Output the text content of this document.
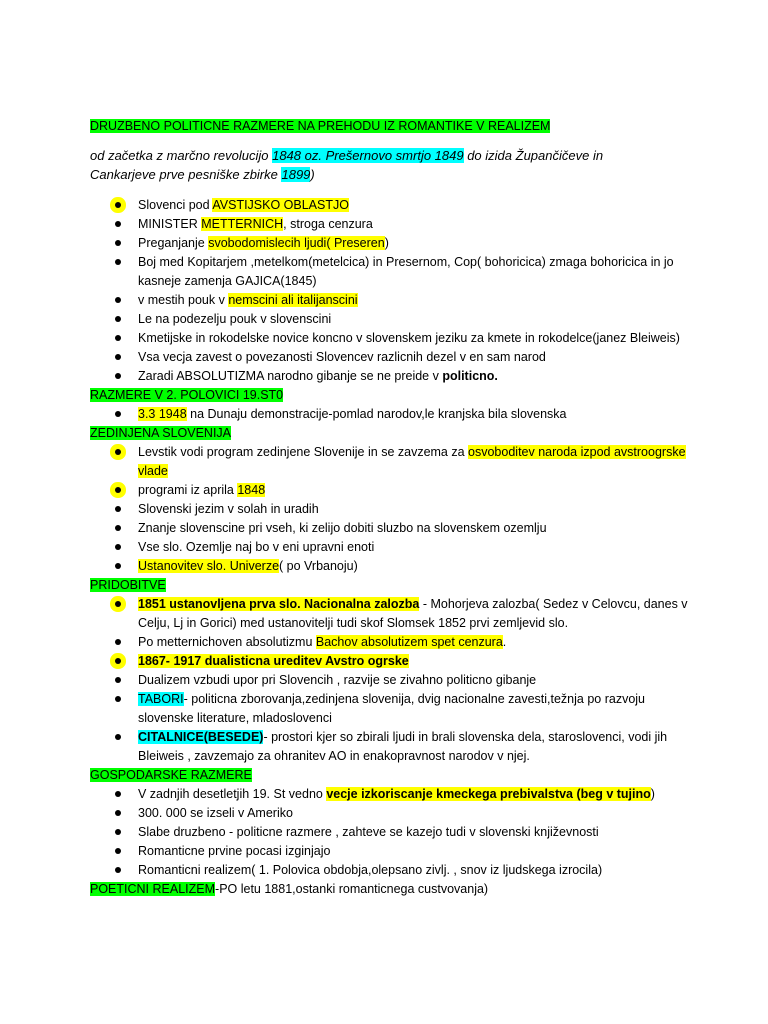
DRUZBENO POLITICNE RAZMERE NA PREHODU IZ ROMANTIKE V REALIZEM
od začetka z marčno revolucijo 1848 oz. Prešernovo smrtjo 1849 do izida Župančičeve in Cankarjeve prve pesniške zbirke 1899)
Slovenci pod AVSTIJSKO OBLASTJO
MINISTER METTERNICH, stroga cenzura
Preganjanje svobodomislecih ljudi( Preseren)
Boj med Kopitarjem ,metelkom(metelcica) in Presernom, Cop( bohoricica) zmaga bohoricica in jo kasneje zamenja GAJICA(1845)
v mestih pouk v nemscini ali italijanscini
Le na podezelju pouk v slovenscini
Kmetijske in rokodelske novice koncno v slovenskem jeziku za kmete in rokodelce(janez Bleiweis)
Vsa vecja zavest o povezanosti Slovencev razlicnih dezel v en sam narod
Zaradi ABSOLUTIZMA narodno gibanje se ne preide v politicno.
RAZMERE V 2. POLOVICI 19.ST0
3.3 1948 na Dunaju demonstracije-pomlad narodov,le kranjska bila slovenska
ZEDINJENA SLOVENIJA
Levstik vodi program zedinjene Slovenije in se zavzema za osvoboditev naroda izpod avstroogrske vlade
programi iz aprila 1848
Slovenski jezim v solah in uradih
Znanje slovenscine pri vseh, ki zelijo dobiti sluzbo na slovenskem ozemlju
Vse slo. Ozemlje naj bo v eni upravni enoti
Ustanovitev slo. Univerze( po Vrbanoju)
PRIDOBITVE
1851 ustanovljena prva slo. Nacionalna zalozba - Mohorjeva zalozba( Sedez v Celovcu, danes v Celju, Lj in Gorici) med ustanovitelji tudi skof Slomsek 1852 prvi zemljevid slo.
Po metternichoven absolutizmu Bachov absolutizem spet cenzura.
1867- 1917 dualisticna ureditev Avstro ogrske
Dualizem vzbudi upor pri Slovencih , razvije se zivahno politicno gibanje
TABORI- politicna zborovanja,zedinjena slovenija, dvig nacionalne zavesti,težnja po razvoju slovenske literature, mladoslovenci
CITALNICE(BESEDE)- prostori kjer so zbirali ljudi in brali slovenska dela, staroslovenci, vodi jih Bleiweis , zavzemajo za ohranitev AO in enakopravnost narodov v njej.
GOSPODARSKE RAZMERE
V zadnjih desetletjih 19. St vedno vecje izkoriscanje kmeckega prebivalstva (beg v tujino)
300. 000 se izseli v Ameriko
Slabe druzbeno - politicne razmere , zahteve se kazejo tudi v slovenski književnosti
Romanticne prvine pocasi izginjajo
Romanticni realizem( 1. Polovica obdobja,olepsano zivlj. , snov iz ljudskega izrocila)
POETICNI REALIZEM-PO letu 1881,ostanki romanticnega custvovanja)
